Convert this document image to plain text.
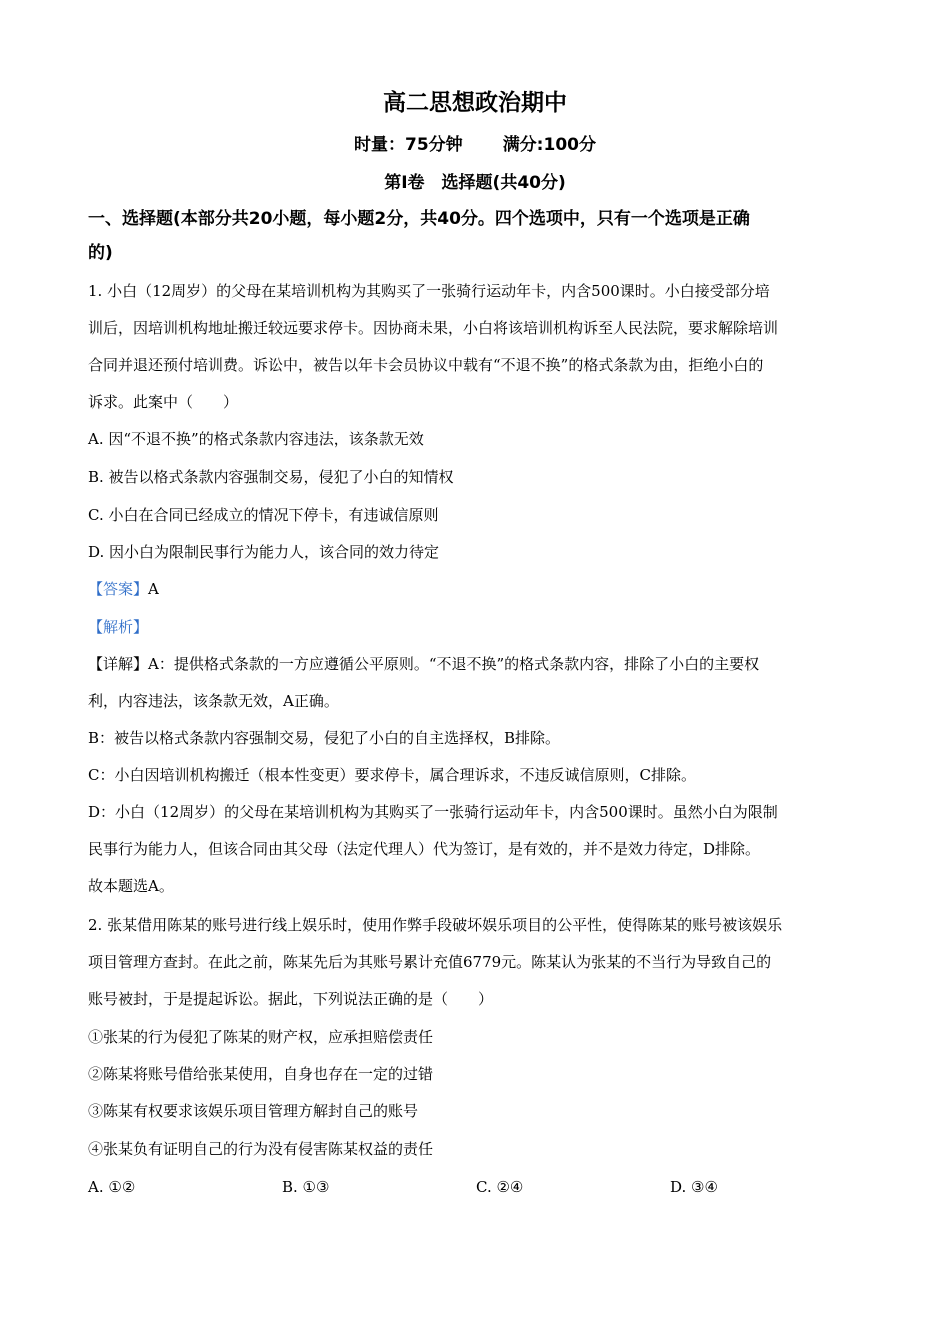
高二思想政治期中
时量：75分钟 满分:100分
第Ⅰ卷　选择题(共40分)
一、选择题(本部分共20小题，每小题2分，共40分。四个选项中，只有一个选项是正确
的)
1. 小白（12周岁）的父母在某培训机构为其购买了一张骑行运动年卡，内含500课时。小白接受部分培
训后，因培训机构地址搬迁较远要求停卡。因协商未果，小白将该培训机构诉至人民法院，要求解除培训
合同并退还预付培训费。诉讼中，被告以年卡会员协议中载有“不退不换”的格式条款为由，拒绝小白的
诉求。此案中（　　）
A. 因“不退不换”的格式条款内容违法，该条款无效
B. 被告以格式条款内容强制交易，侵犯了小白的知情权
C. 小白在合同已经成立的情况下停卡，有违诚信原则
D. 因小白为限制民事行为能力人，该合同的效力待定
【答案】A
【解析】
【详解】A：提供格式条款的一方应遵循公平原则。“不退不换”的格式条款内容，排除了小白的主要权
利，内容违法，该条款无效，A正确。
B：被告以格式条款内容强制交易，侵犯了小白的自主选择权，B排除。
C：小白因培训机构搬迁（根本性变更）要求停卡，属合理诉求，不违反诚信原则，C排除。
D：小白（12周岁）的父母在某培训机构为其购买了一张骑行运动年卡，内含500课时。虽然小白为限制
民事行为能力人，但该合同由其父母（法定代理人）代为签订，是有效的，并不是效力待定，D排除。
故本题选A。
2. 张某借用陈某的账号进行线上娱乐时，使用作弊手段破坏娱乐项目的公平性，使得陈某的账号被该娱乐
项目管理方查封。在此之前，陈某先后为其账号累计充值6779元。陈某认为张某的不当行为导致自己的
账号被封，于是提起诉讼。据此，下列说法正确的是（　　）
①张某的行为侵犯了陈某的财产权，应承担赔偿责任
②陈某将账号借给张某使用，自身也存在一定的过错
③陈某有权要求该娱乐项目管理方解封自己的账号
④张某负有证明自己的行为没有侵害陈某权益的责任
A. ①②	B. ①③	C. ②④	D. ③④
